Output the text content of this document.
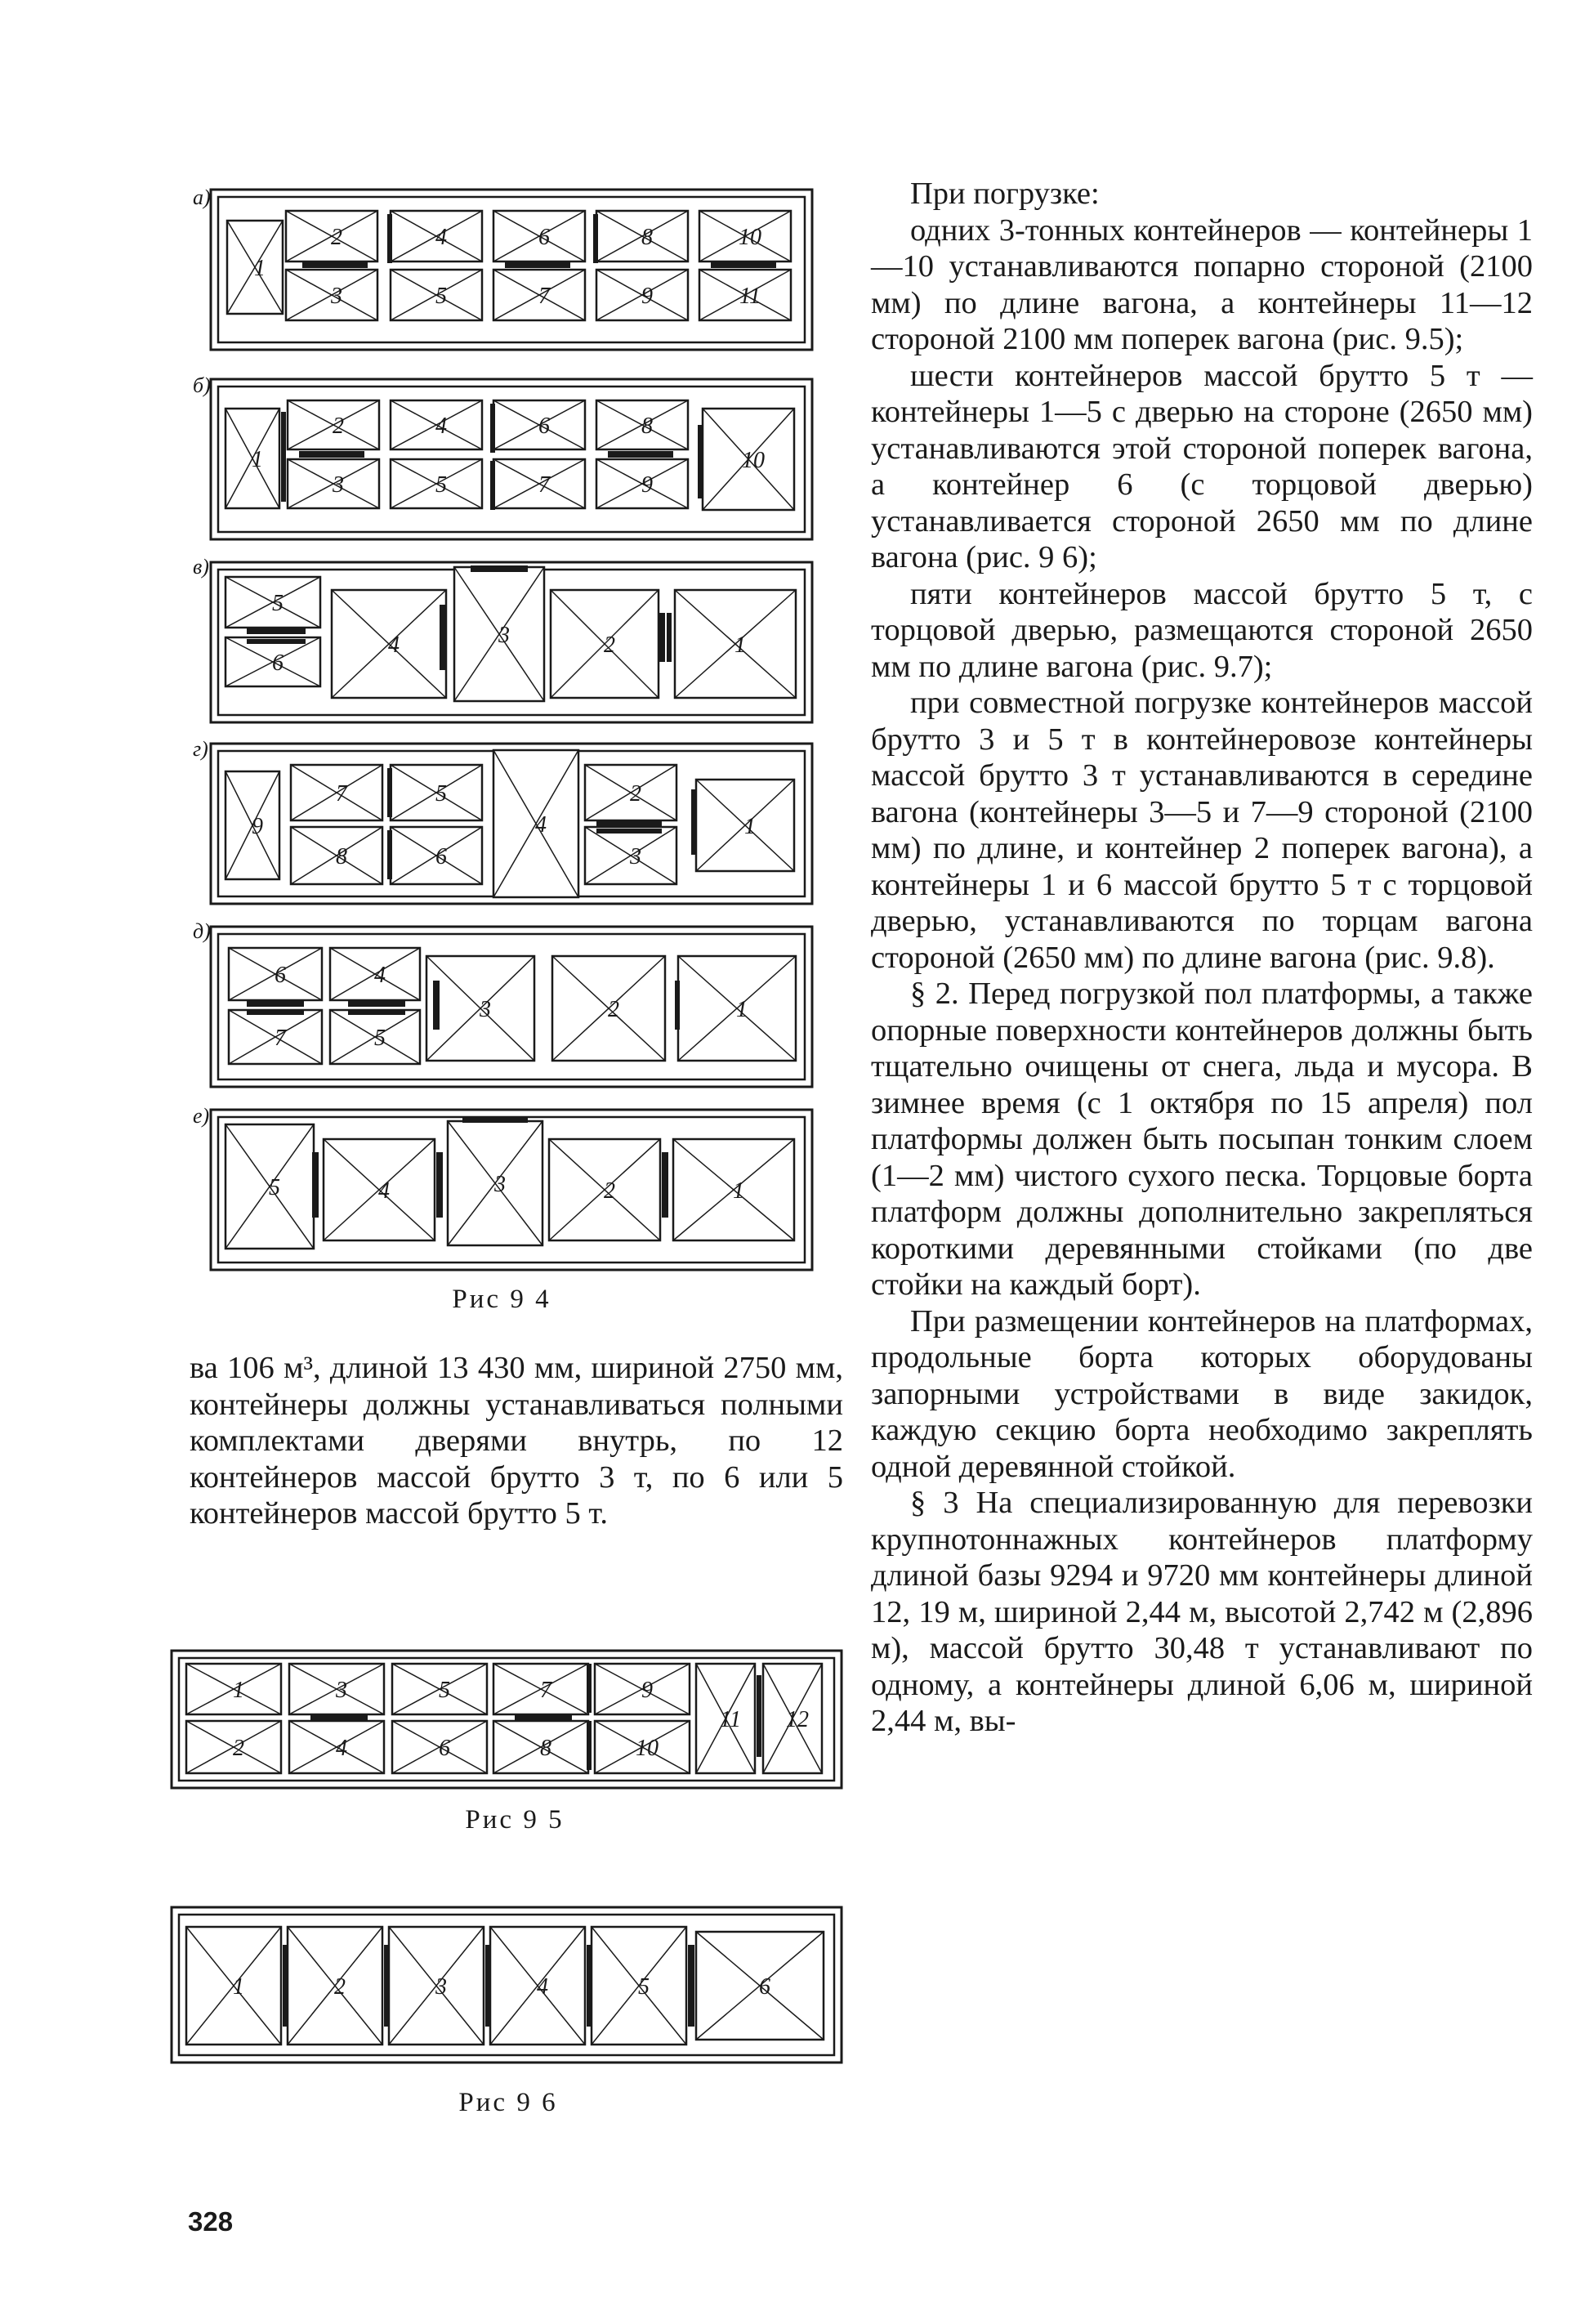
а)
1
2
3
4
5
6
7
8
9
10
11
б)
1
2
3
4
5
6
7
8
9
10
в)
5
6
4	3	2	1
г)
9
7
8
5
6
4
2
3
1
д)
6
7
4
5
3	2	1
е)
5	4	3	2	1
1
2
3
4
5
6
7
8
9
10
11 12
1	2	3	4	5	6
Рис 9 4
Рис 9 5
Рис 9 6

ва 106 м³, длиной 13 430 мм, шириной 2750 мм, контейнеры должны устанавливаться полными комплектами дверями внутрь, по 12 контейнеров массой брутто 3 т, по 6 или 5 контейнеров массой брутто 5 т.

При погрузке:

одних 3-тонных контейнеров — контейнеры 1—10 устанавливаются попарно стороной (2100 мм) по длине вагона, а контейнеры 11—12 стороной 2100 мм поперек вагона (рис. 9.5);

шести контейнеров массой брутто 5 т — контейнеры 1—5 с дверью на стороне (2650 мм) устанавливаются этой стороной поперек вагона, а контейнер 6 (с торцовой дверью) устанавливается стороной 2650 мм по длине вагона (рис. 9 6);

пяти контейнеров массой брутто 5 т, с торцовой дверью, размещаются стороной 2650 мм по длине вагона (рис. 9.7);

при совместной погрузке контейнеров массой брутто 3 и 5 т в контейнеровозе контейнеры массой брутто 3 т устанавливаются в середине вагона (контейнеры 3—5 и 7—9 стороной (2100 мм) по длине, и контейнер 2 поперек вагона), а контейнеры 1 и 6 массой брутто 5 т с торцовой дверью, устанавливаются по торцам вагона стороной (2650 мм) по длине вагона (рис. 9.8).

§ 2. Перед погрузкой пол платформы, а также опорные поверхности контейнеров должны быть тщательно очищены от снега, льда и мусора. В зимнее время (с 1 октября по 15 апреля) пол платформы должен быть посыпан тонким слоем (1—2 мм) чистого сухого песка. Торцовые борта платформ должны дополнительно закрепляться короткими деревянными стойками (по две стойки на каждый борт).

При размещении контейнеров на платформах, продольные борта которых оборудованы запорными устройствами в виде закидок, каждую секцию борта необходимо закреплять одной деревянной стойкой.

§ 3 На специализированную для перевозки крупнотоннажных контейнеров платформу длиной базы 9294 и 9720 мм контейнеры длиной 12, 19 м, шириной 2,44 м, высотой 2,742 м (2,896 м), массой брутто 30,48 т устанавливают по одному, а контейнеры длиной 6,06 м, шириной 2,44 м, вы-

328
